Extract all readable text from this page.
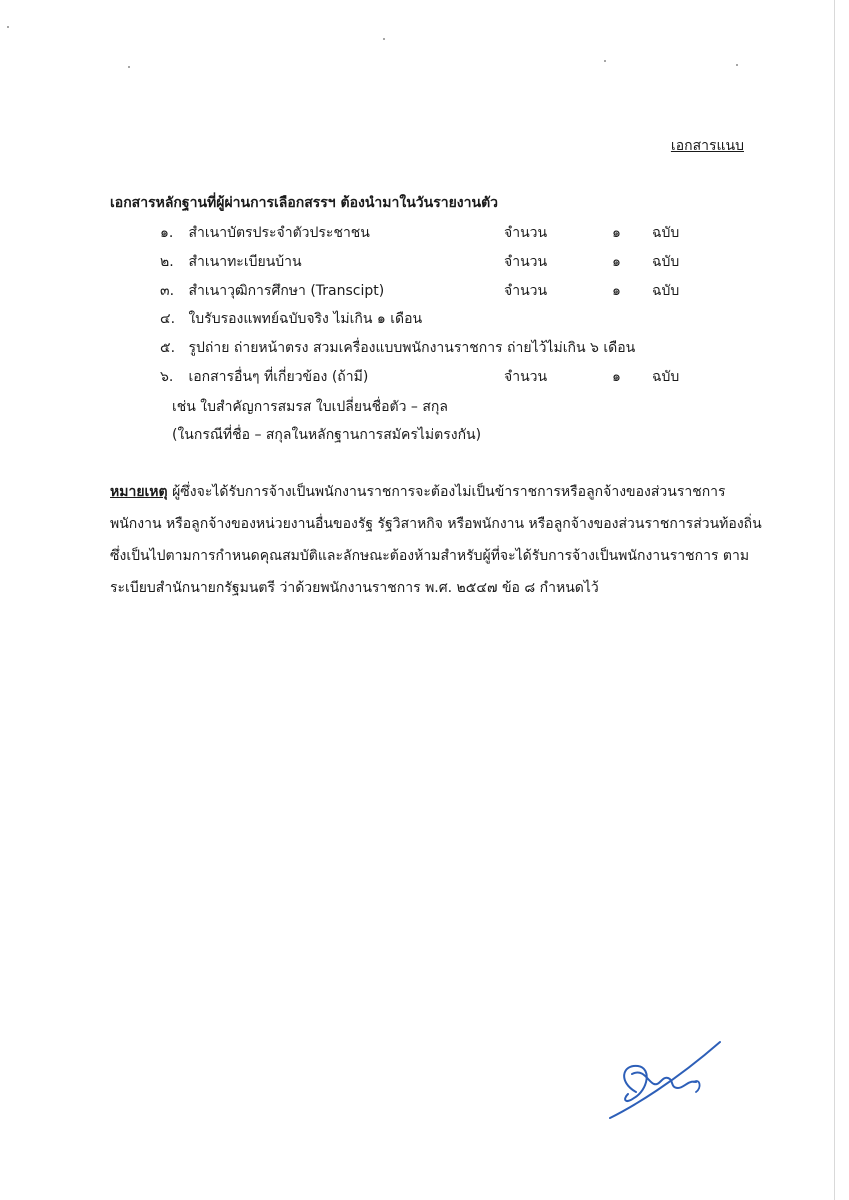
เอกสารแนบ
เอกสารหลักฐานที่ผู้ผ่านการเลือกสรรฯ ต้องนำมาในวันรายงานตัว
๑. สำเนาบัตรประจำตัวประชาชน	จำนวน	๑ ฉบับ
๒. สำเนาทะเบียนบ้าน	จำนวน	๑ ฉบับ
๓. สำเนาวุฒิการศึกษา (Transcipt)	จำนวน	๑ ฉบับ
๔. ใบรับรองแพทย์ฉบับจริง ไม่เกิน ๑ เดือน
๕. รูปถ่าย ถ่ายหน้าตรง สวมเครื่องแบบพนักงานราชการ ถ่ายไว้ไม่เกิน ๖ เดือน
๖. เอกสารอื่นๆ ที่เกี่ยวข้อง (ถ้ามี)	จำนวน	๑ ฉบับ
เช่น ใบสำคัญการสมรส ใบเปลี่ยนชื่อตัว – สกุล
(ในกรณีที่ชื่อ – สกุลในหลักฐานการสมัครไม่ตรงกัน)
หมายเหตุ ผู้ซึ่งจะได้รับการจ้างเป็นพนักงานราชการจะต้องไม่เป็นข้าราชการหรือลูกจ้างของส่วนราชการ
พนักงาน หรือลูกจ้างของหน่วยงานอื่นของรัฐ รัฐวิสาหกิจ หรือพนักงาน หรือลูกจ้างของส่วนราชการส่วนท้องถิ่น
ซึ่งเป็นไปตามการกำหนดคุณสมบัติและลักษณะต้องห้ามสำหรับผู้ที่จะได้รับการจ้างเป็นพนักงานราชการ ตาม
ระเบียบสำนักนายกรัฐมนตรี ว่าด้วยพนักงานราชการ พ.ศ. ๒๕๔๗ ข้อ ๘ กำหนดไว้
